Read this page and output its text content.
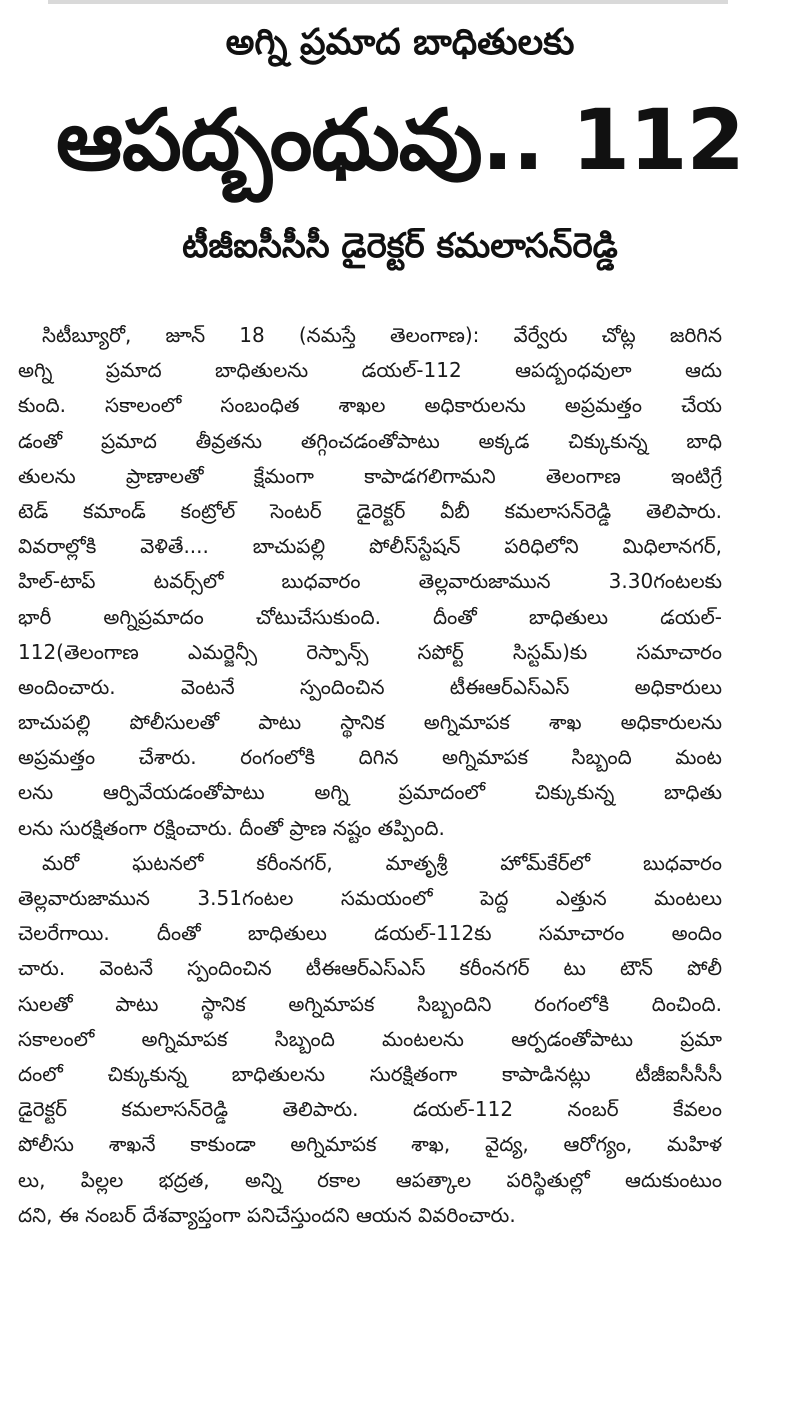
అగ్ని ప్రమాద బాధితులకు
ఆపద్బంధువు.. 112
టీజీఐసీసీసీ డైరెక్టర్ కమలాసన్‌రెడ్డి
సిటీబ్యూరో, జూన్ 18 (నమస్తే తెలంగాణ): వేర్వేరు చోట్ల జరిగిన
అగ్ని ప్రమాద బాధితులను డయల్-112 ఆపద్బంధవులా ఆదు
కుంది. సకాలంలో సంబంధిత శాఖల అధికారులను అప్రమత్తం చేయ
డంతో ప్రమాద తీవ్రతను తగ్గించడంతోపాటు అక్కడ చిక్కుకున్న బాధి
తులను ప్రాణాలతో క్షేమంగా కాపాడగలిగామని తెలంగాణ ఇంటిగ్రే
టెడ్ కమాండ్ కంట్రోల్ సెంటర్ డైరెక్టర్ వీబీ కమలాసన్‌రెడ్డి తెలిపారు.
వివరాల్లోకి వెళితే.... బాచుపల్లి పోలీస్‌స్టేషన్ పరిధిలోని మిధిలానగర్,
హిల్-టాప్ టవర్స్‌లో బుధవారం తెల్లవారుజామున 3.30గంటలకు
భారీ అగ్నిప్రమాదం చోటుచేసుకుంది. దీంతో బాధితులు డయల్-
112(తెలంగాణ ఎమర్జెన్సీ రెస్పాన్స్ సపోర్ట్ సిస్టమ్)కు సమాచారం
అందించారు. వెంటనే స్పందించిన టీఈఆర్ఎస్ఎస్ అధికారులు
బాచుపల్లి పోలీసులతో పాటు స్థానిక అగ్నిమాపక శాఖ అధికారులను
అప్రమత్తం చేశారు. రంగంలోకి దిగిన అగ్నిమాపక సిబ్బంది మంట
లను ఆర్పివేయడంతోపాటు అగ్ని ప్రమాదంలో చిక్కుకున్న బాధితు
లను సురక్షితంగా రక్షించారు. దీంతో ప్రాణ నష్టం తప్పింది.
మరో ఘటనలో కరీంనగర్, మాతృశ్రీ హోమ్‌కేర్‌లో బుధవారం
తెల్లవారుజామున 3.51గంటల సమయంలో పెద్ద ఎత్తున మంటలు
చెలరేగాయి. దీంతో బాధితులు డయల్-112కు సమాచారం అందిం
చారు. వెంటనే స్పందించిన టీఈఆర్ఎస్ఎస్ కరీంనగర్ టు టౌన్ పోలీ
సులతో పాటు స్థానిక అగ్నిమాపక సిబ్బందిని రంగంలోకి దించింది.
సకాలంలో అగ్నిమాపక సిబ్బంది మంటలను ఆర్పడంతోపాటు ప్రమా
దంలో చిక్కుకున్న బాధితులను సురక్షితంగా కాపాడినట్లు టీజీఐసీసీసీ
డైరెక్టర్ కమలాసన్‌రెడ్డి తెలిపారు. డయల్-112 నంబర్ కేవలం
పోలీసు శాఖనే కాకుండా అగ్నిమాపక శాఖ, వైద్య, ఆరోగ్యం, మహిళ
లు, పిల్లల భద్రత, అన్ని రకాల ఆపత్కాల పరిస్థితుల్లో ఆదుకుంటుం
దని, ఈ నంబర్ దేశవ్యాప్తంగా పనిచేస్తుందని ఆయన వివరించారు.
